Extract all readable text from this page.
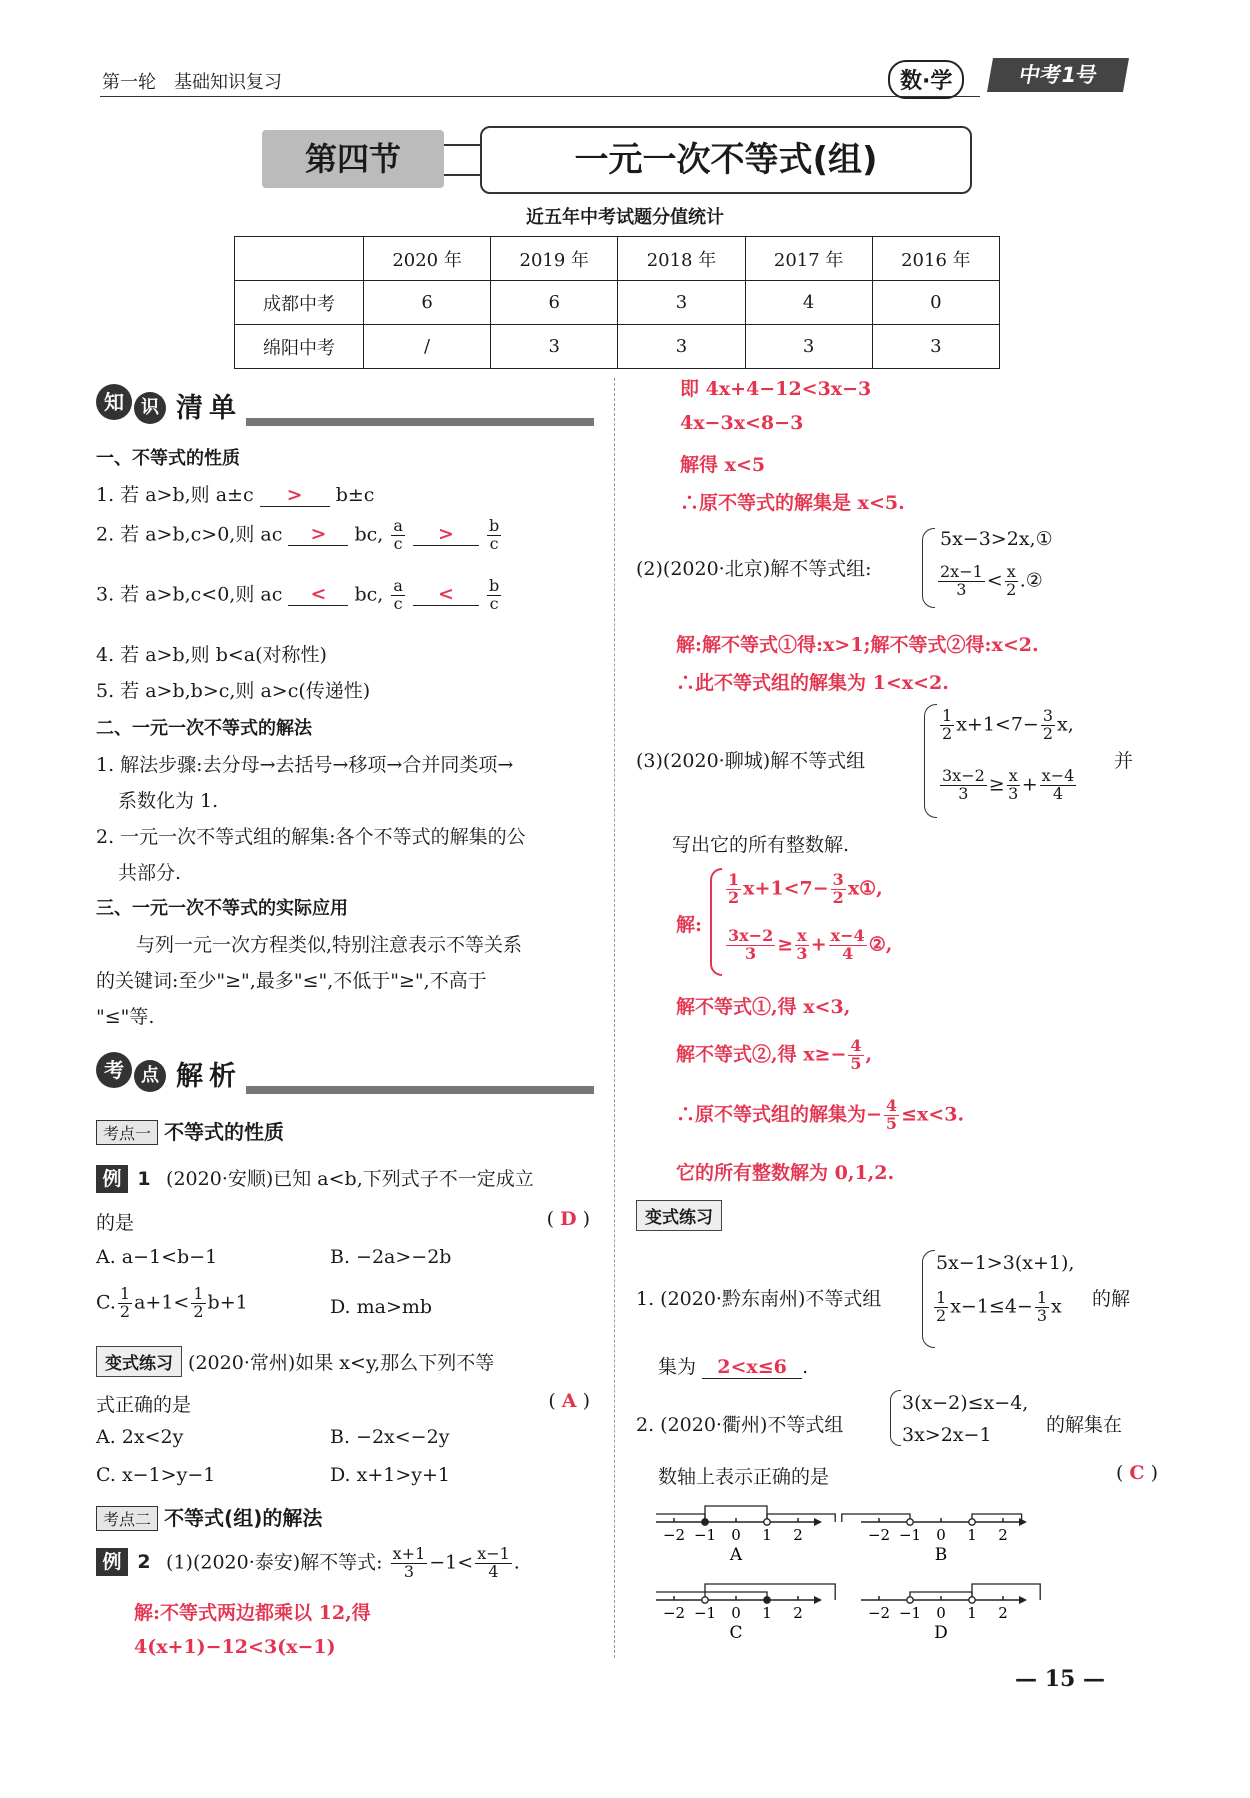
第一轮　基础知识复习	数·学	中考1号
第四节	一元一次不等式(组)
近五年中考试题分值统计
	2020 年	2019 年	2018 年	2017 年	2016 年
成都中考	6	6	3	4	0
绵阳中考	/	3	3	3	3
知 识 清单
一、不等式的性质
1. 若 a>b,则 a±c > b±c
2. 若 a>b,c>0,则 ac > bc, $\frac{a}{c} > \frac{b}{c}$
3. 若 a>b,c<0,则 ac < bc, $\frac{a}{c} < \frac{b}{c}$
4. 若 a>b,则 b<a(对称性)
5. 若 a>b,b>c,则 a>c(传递性)
二、一元一次不等式的解法
1. 解法步骤:去分母→去括号→移项→合并同类项→
系数化为 1.
2. 一元一次不等式组的解集:各个不等式的解集的公
共部分.
三、一元一次不等式的实际应用
与列一元一次方程类似,特别注意表示不等关系
的关键词:至少"≥",最多"≤",不低于"≥",不高于
"≤"等.
考 点 解析
考点一 不等式的性质
例 1 (2020·安顺)已知 a<b,下列式子不一定成立
的是	( D )
A. a−1<b−1	B. −2a>−2b
C. $\frac{1}{2} a+1< \frac{1}{2} b+1$	D. ma>mb
变式练习 (2020·常州)如果 x<y,那么下列不等
式正确的是	( A )
A. 2x<2y	B. −2x<−2y
C. x−1>y−1	D. x+1>y+1
考点二 不等式(组)的解法
例 2 (1)(2020·泰安)解不等式: $\frac{x+1}{3} -1< \frac{x-1}{4}$ .
解:不等式两边都乘以 12,得
4(x+1)−12<3(x−1)
即 4x+4−12<3x−3
4x−3x<8−3
解得 x<5
∴原不等式的解集是 x<5.
(2)(2020·北京)解不等式组:
5x−3>2x,①
$\frac{2x-1}{3} < \frac{x}{2}$ .②
解:解不等式①得:x>1;解不等式②得:x<2.
∴此不等式组的解集为 1<x<2.
(3)(2020·聊城)解不等式组
$\frac{1}{2} x+1<7- \frac{3}{2} x$,
$\frac{3x-2}{3} \ge \frac{x}{3} + \frac{x-4}{4}$
并
写出它的所有整数解.
解:
$\frac{1}{2} x+1<7- \frac{3}{2}$ x①,
$\frac{3x-2}{3} \ge \frac{x}{3} + \frac{x-4}{4}$ ②,
解不等式①,得 x<3,
解不等式②,得 $x\ge- \frac{4}{5}$ ,
∴原不等式组的解集为− $\frac{4}{5} \le x<3$.
它的所有整数解为 0,1,2.
变式练习
1. (2020·黔东南州)不等式组
5x−1>3(x+1),
$\frac{1}{2} x-1\le 4- \frac{1}{3}$ x 的解
集为 2<x≤6 .
2. (2020·衢州)不等式组
3(x−2)≤x−4,
3x>2x−1	的解集在
数轴上表示正确的是	( C )
−2 −1 0 1 2
A
−2 −1 0 1 2
B
−2 −1 0 1 2
C
−2 −1 0 1 2
D
— 15 —
